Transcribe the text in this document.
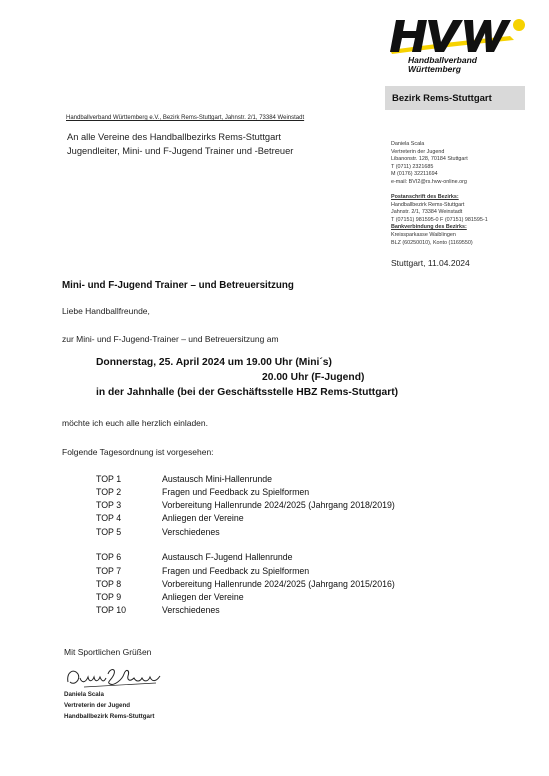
Handballverband
Württemberg
Bezirk Rems-Stuttgart
Handballverband Württemberg e.V., Bezirk Rems-Stuttgart, Jahnstr. 2/1, 73384 Weinstadt
An alle Vereine des Handballbezirks Rems-Stuttgart
Jugendleiter, Mini- und F-Jugend Trainer und -Betreuer
Daniela Scala
Vertreterin der Jugend
Libanonstr. 128, 70184 Stuttgart
T (0711) 2321685
M (0176) 32211694
e-mail: BVI2@rs.hvw-online.org
Postanschrift des Bezirks:
Handballbezirk Rems-Stuttgart
Jahnstr. 2/1, 73384 Weinstadt
T (07151) 981595-0 F (07151) 981595-1
Bankverbindung des Bezirks:
Kreissparkasse Waiblingen
BLZ (60250010), Konto (1169550)
Stuttgart, 11.04.2024
Mini- und F-Jugend Trainer – und Betreuersitzung
Liebe Handballfreunde,
zur Mini- und F-Jugend-Trainer – und Betreuersitzung am
Donnerstag, 25. April 2024 um 19.00 Uhr (Mini´s)
20.00 Uhr (F-Jugend)
in der Jahnhalle (bei der Geschäftsstelle HBZ Rems-Stuttgart)
möchte ich euch alle herzlich einladen.
Folgende Tagesordnung ist vorgesehen:
TOP 1	Austausch Mini-Hallenrunde
TOP 2	Fragen und Feedback zu Spielformen
TOP 3	Vorbereitung Hallenrunde 2024/2025 (Jahrgang 2018/2019)
TOP 4	Anliegen der Vereine
TOP 5	Verschiedenes
TOP 6	Austausch F-Jugend Hallenrunde
TOP 7	Fragen und Feedback zu Spielformen
TOP 8	Vorbereitung Hallenrunde 2024/2025 (Jahrgang 2015/2016)
TOP 9	Anliegen der Vereine
TOP 10	Verschiedenes
Mit Sportlichen Grüßen
Daniela Scala
Vertreterin der Jugend
Handballbezirk Rems-Stuttgart
